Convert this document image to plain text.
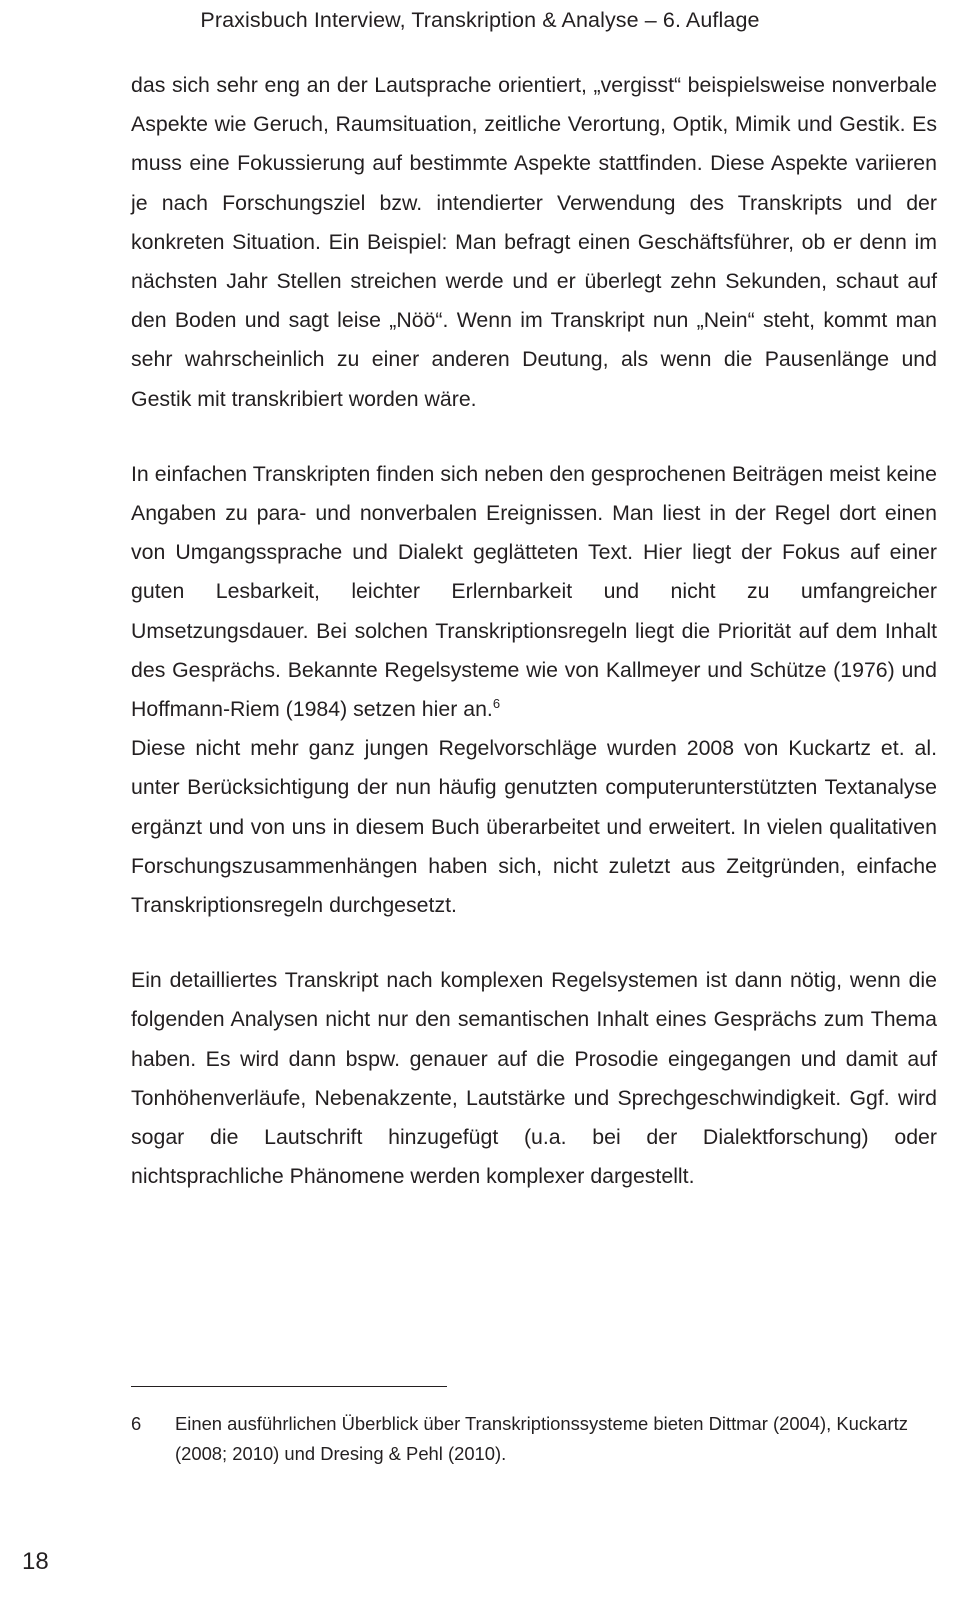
Praxisbuch Interview, Transkription & Analyse – 6. Auflage

das sich sehr eng an der Lautsprache orientiert, „vergisst“ beispielsweise nonverbale Aspekte wie Geruch, Raumsituation, zeitliche Verortung, Optik, Mimik und Gestik. Es muss eine Fokussierung auf bestimmte Aspekte stattfinden. Diese Aspekte variieren je nach Forschungsziel bzw. intendierter Verwendung des Transkripts und der konkreten Situation. Ein Beispiel: Man befragt einen Geschäftsführer, ob er denn im nächsten Jahr Stellen streichen werde und er überlegt zehn Sekunden, schaut auf den Boden und sagt leise „Nöö“. Wenn im Transkript nun „Nein“ steht, kommt man sehr wahrscheinlich zu einer anderen Deutung, als wenn die Pausenlänge und Gestik mit transkribiert worden wäre.

In einfachen Transkripten finden sich neben den gesprochenen Beiträgen meist keine Angaben zu para- und nonverbalen Ereignissen. Man liest in der Regel dort einen von Umgangssprache und Dialekt geglätteten Text. Hier liegt der Fokus auf einer guten Lesbarkeit, leichter Erlernbarkeit und nicht zu umfangreicher Umsetzungsdauer. Bei solchen Transkriptionsregeln liegt die Priorität auf dem Inhalt des Gesprächs. Bekannte Regelsysteme wie von Kallmeyer und Schütze (1976) und Hoffmann-Riem (1984) setzen hier an.$^6$

Diese nicht mehr ganz jungen Regelvorschläge wurden 2008 von Kuckartz et. al. unter Berücksichtigung der nun häufig genutzten computerunterstützten Textanalyse ergänzt und von uns in diesem Buch überarbeitet und erweitert. In vielen qualitativen Forschungszusammenhängen haben sich, nicht zuletzt aus Zeitgründen, einfache Transkriptionsregeln durchgesetzt.

Ein detailliertes Transkript nach komplexen Regelsystemen ist dann nötig, wenn die folgenden Analysen nicht nur den semantischen Inhalt eines Gesprächs zum Thema haben. Es wird dann bspw. genauer auf die Prosodie eingegangen und damit auf Tonhöhenverläufe, Nebenakzente, Lautstärke und Sprechgeschwindigkeit. Ggf. wird sogar die Lautschrift hinzugefügt (u.a. bei der Dialektforschung) oder nichtsprachliche Phänomene werden komplexer dargestellt.

6	Einen ausführlichen Überblick über Transkriptionssysteme bieten Dittmar (2004), Kuckartz (2008; 2010) und Dresing & Pehl (2010).
18
